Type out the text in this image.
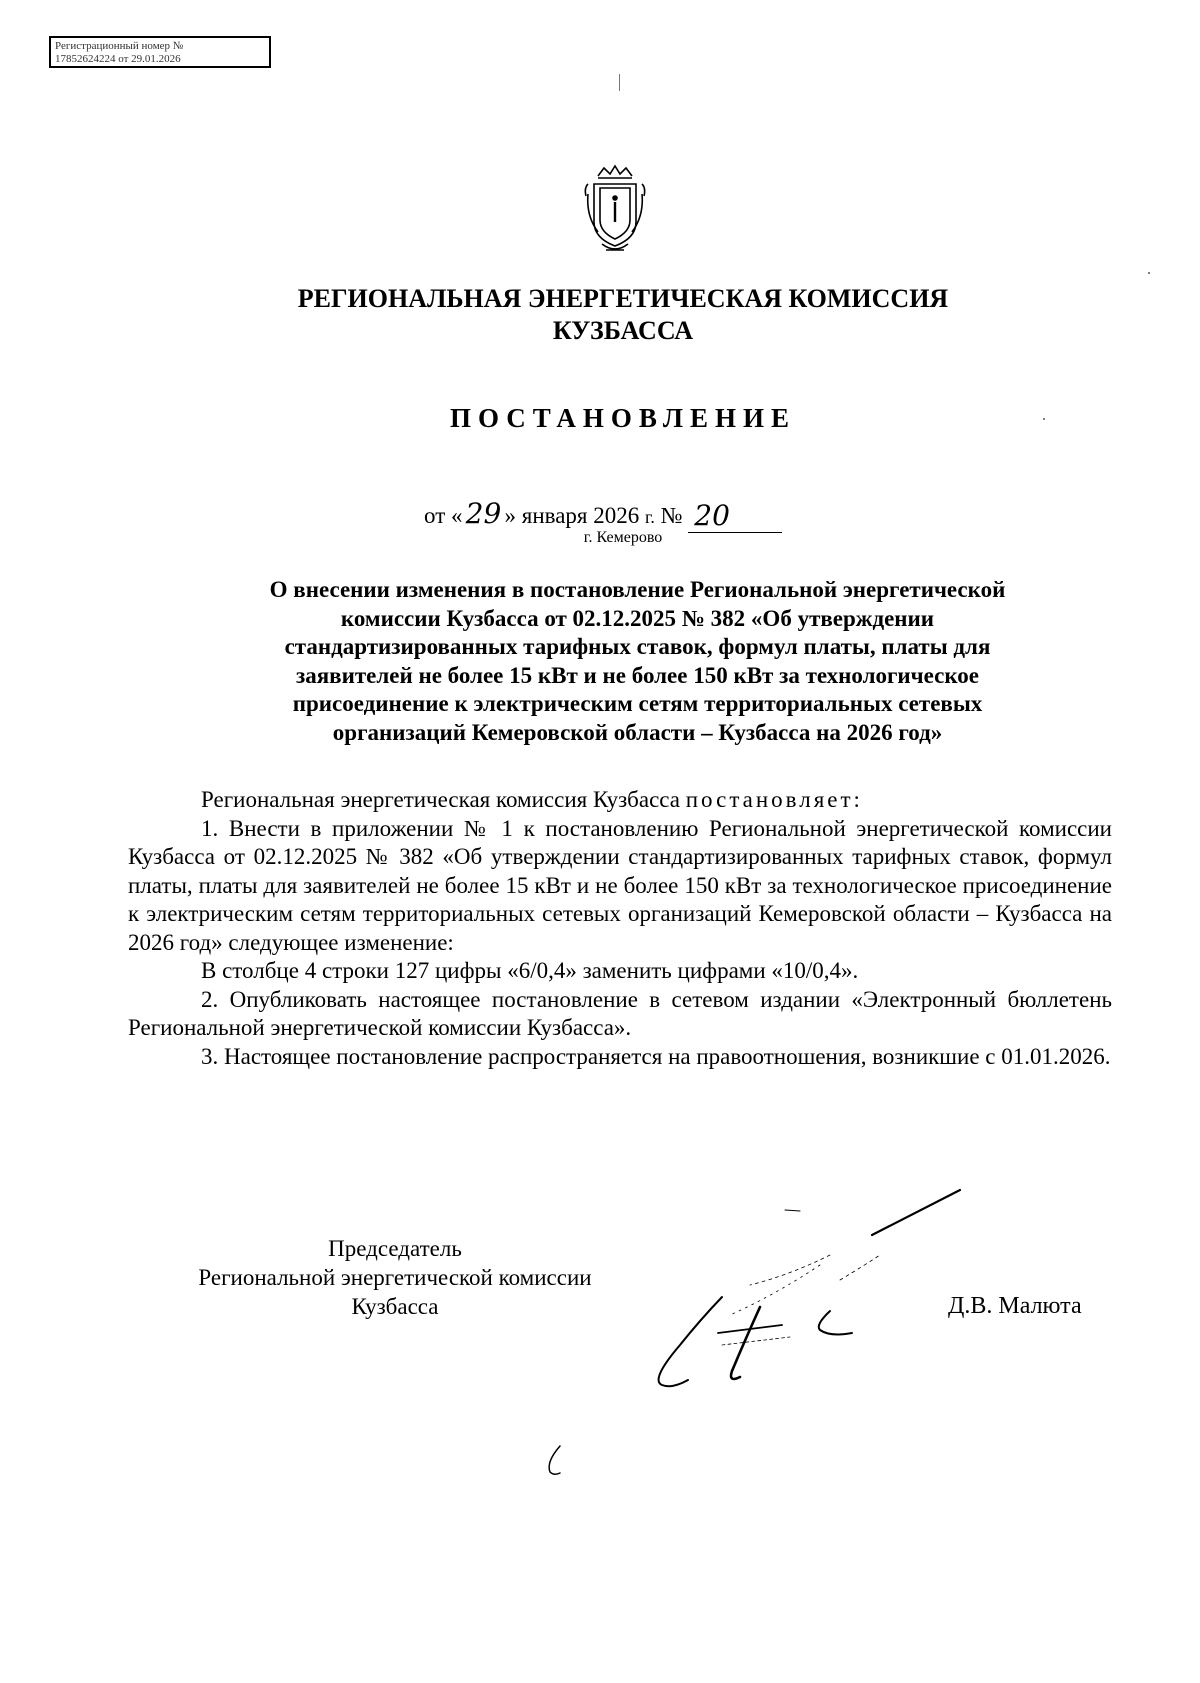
Регистрационный номер №
17852624224 от 29.01.2026
РЕГИОНАЛЬНАЯ ЭНЕРГЕТИЧЕСКАЯ КОМИССИЯ
КУЗБАССА
ПОСТАНОВЛЕНИЕ
от « 29 » января 2026 г. № 20
г. Кемерово
О внесении изменения в постановление Региональной энергетической
комиссии Кузбасса от 02.12.2025 № 382 «Об утверждении
стандартизированных тарифных ставок, формул платы, платы для
заявителей не более 15 кВт и не более 150 кВт за технологическое
присоединение к электрическим сетям территориальных сетевых
организаций Кемеровской области – Кузбасса на 2026 год»

Региональная энергетическая комиссия Кузбасса постановляет:

1. Внести в приложении № 1 к постановлению Региональной энергетической комиссии Кузбасса от 02.12.2025 № 382 «Об утверждении стандартизированных тарифных ставок, формул платы, платы для заявителей не более 15 кВт и не более 150 кВт за технологическое присоединение к электрическим сетям территориальных сетевых организаций Кемеровской области – Кузбасса на 2026 год» следующее изменение:

В столбце 4 строки 127 цифры «6/0,4» заменить цифрами «10/0,4».

2. Опубликовать настоящее постановление в сетевом издании «Электронный бюллетень Региональной энергетической комиссии Кузбасса».

3. Настоящее постановление распространяется на правоотношения, возникшие с 01.01.2026.

Председатель
Региональной энергетической комиссии
Кузбасса	Д.В. Малюта
